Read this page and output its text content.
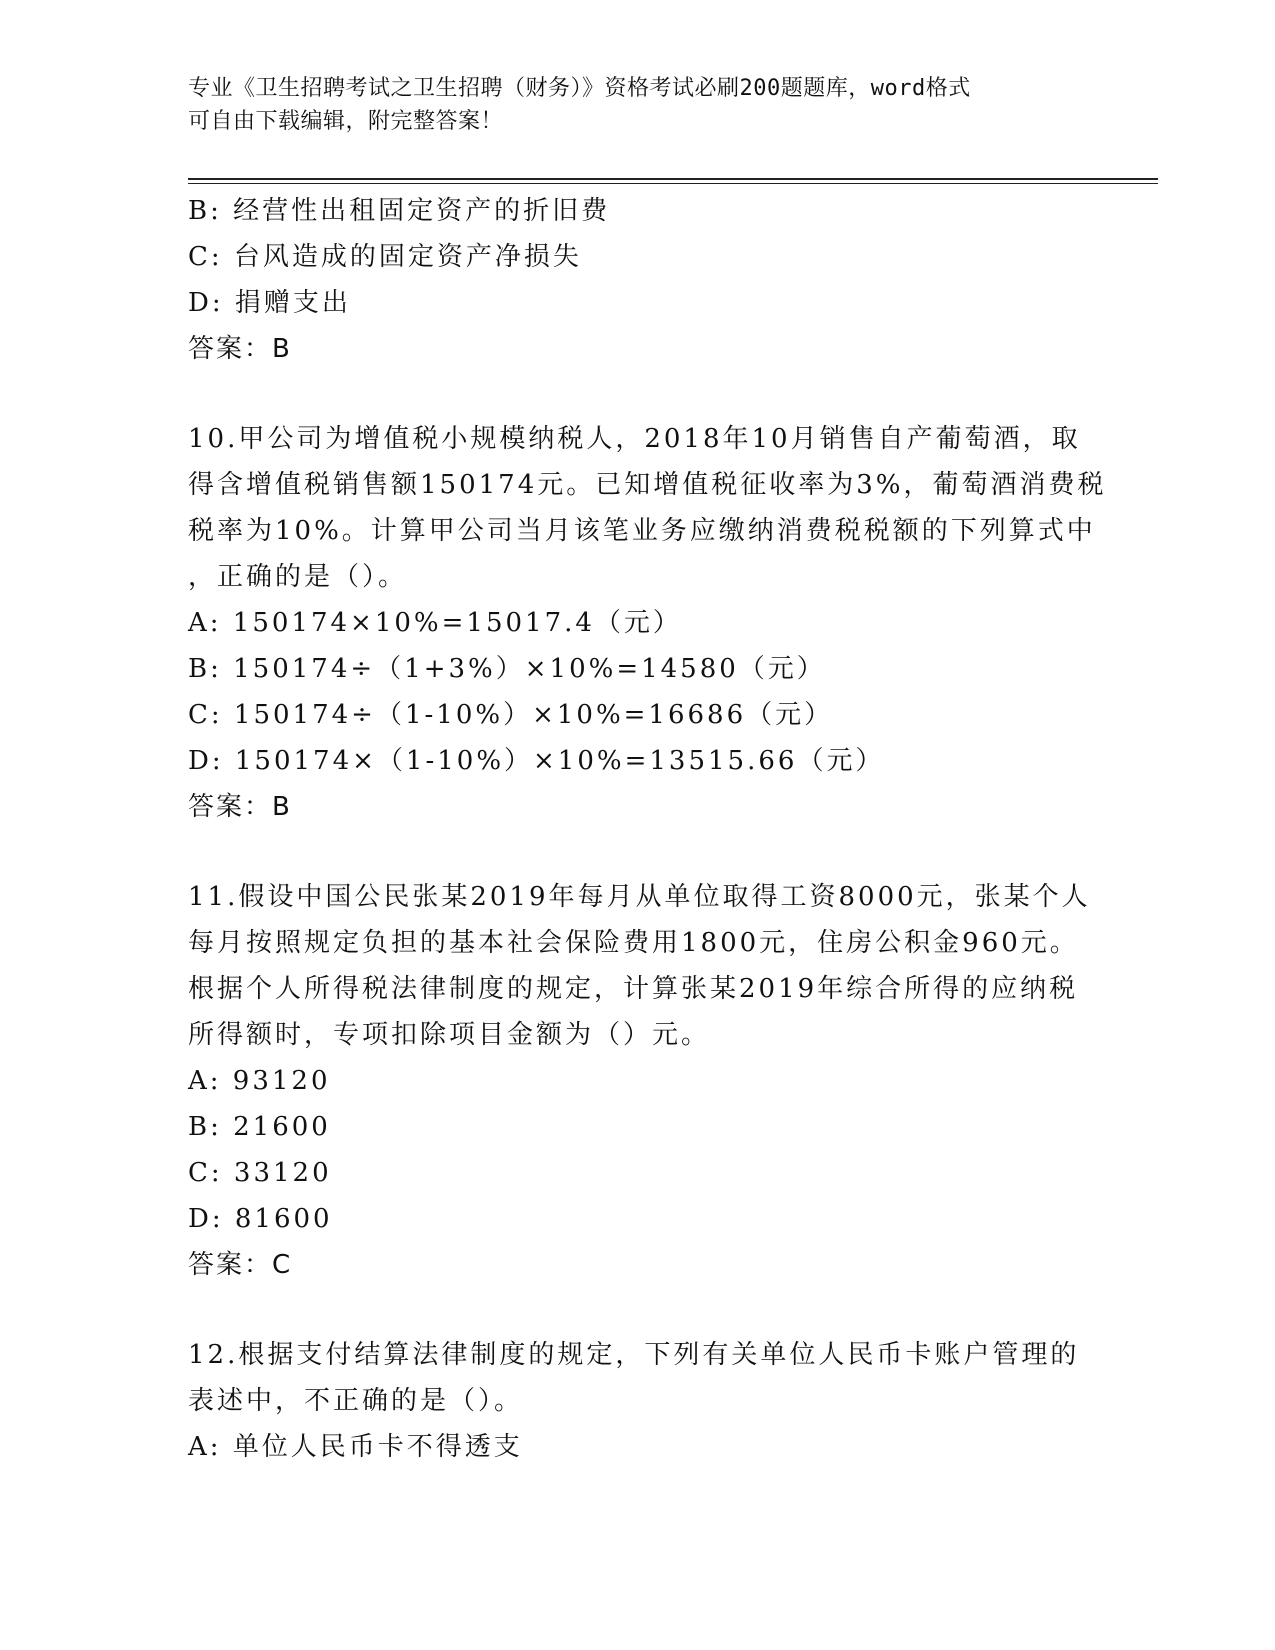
专业《卫生招聘考试之卫生招聘（财务）》资格考试必刷200题题库，word格式
可自由下载编辑，附完整答案！
B: 经营性出租固定资产的折旧费
C: 台风造成的固定资产净损失
D: 捐赠支出
答案：B
10.甲公司为增值税小规模纳税人，2018年10月销售自产葡萄酒，取
得含增值税销售额150174元。已知增值税征收率为3%，葡萄酒消费税
税率为10%。计算甲公司当月该笔业务应缴纳消费税税额的下列算式中
，正确的是（）。
A: 150174×10%=15017.4（元）
B: 150174÷（1+3%）×10%=14580（元）
C: 150174÷（1-10%）×10%=16686（元）
D: 150174×（1-10%）×10%=13515.66（元）
答案：B
11.假设中国公民张某2019年每月从单位取得工资8000元，张某个人
每月按照规定负担的基本社会保险费用1800元，住房公积金960元。
根据个人所得税法律制度的规定，计算张某2019年综合所得的应纳税
所得额时，专项扣除项目金额为（）元。
A: 93120
B: 21600
C: 33120
D: 81600
答案：C
12.根据支付结算法律制度的规定，下列有关单位人民币卡账户管理的
表述中，不正确的是（）。
A: 单位人民币卡不得透支
